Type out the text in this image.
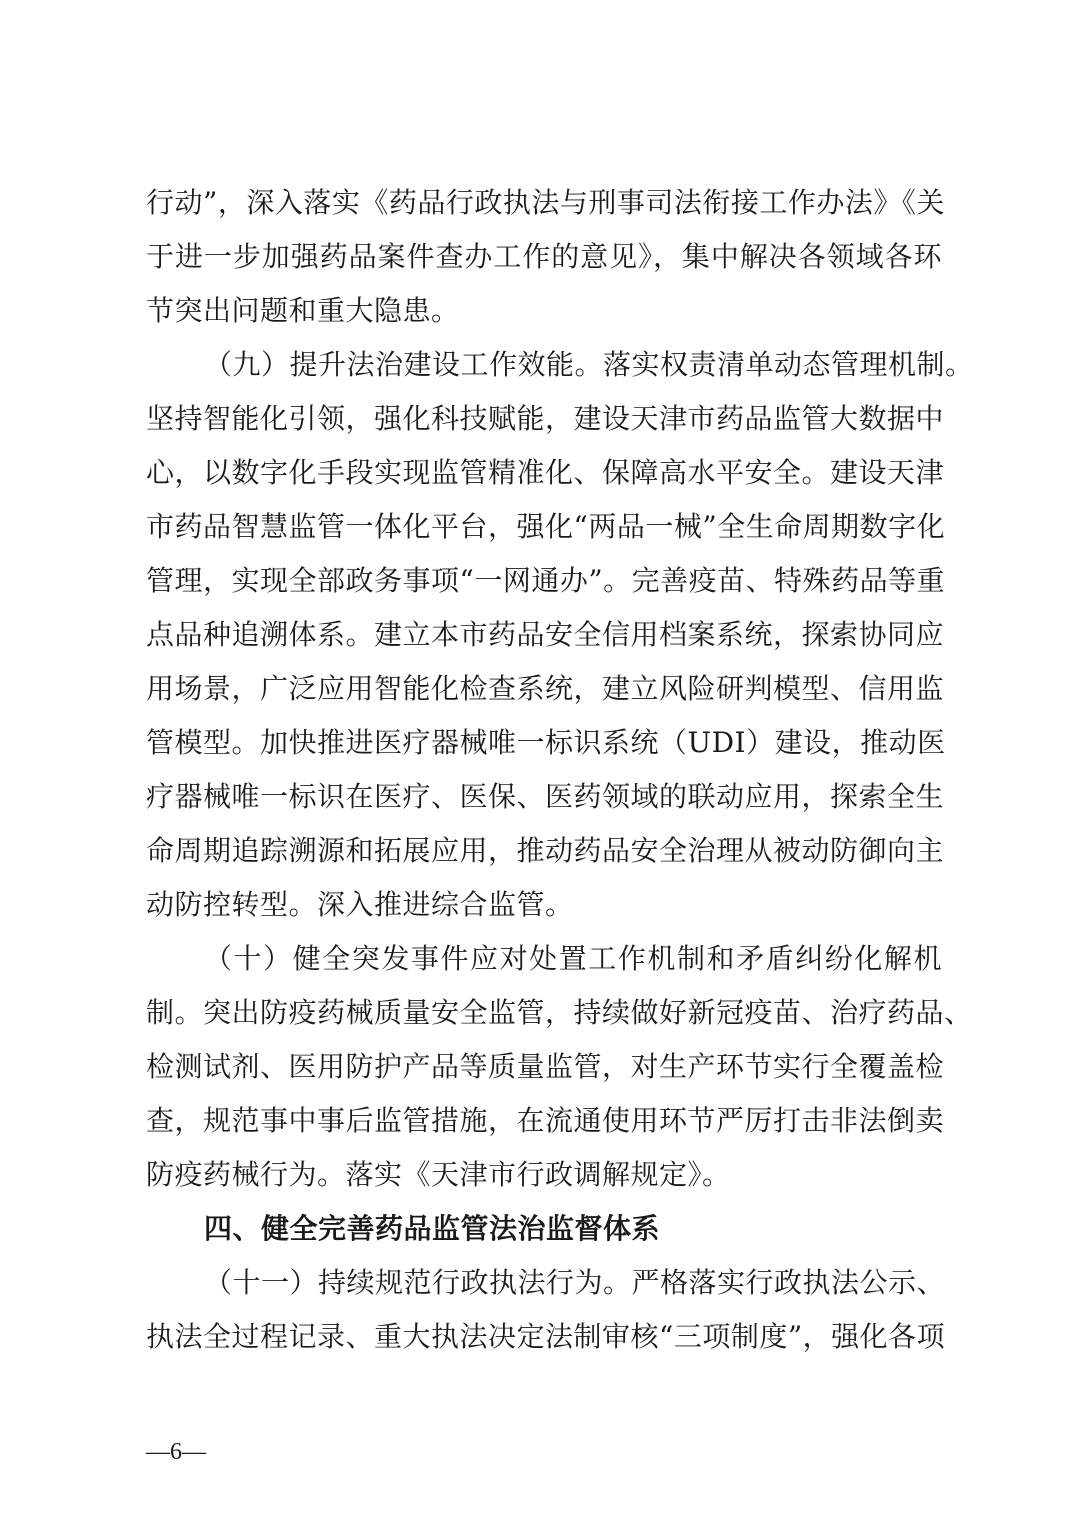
行动”，深入落实《药品行政执法与刑事司法衔接工作办法》《关
于进一步加强药品案件查办工作的意见》，集中解决各领域各环
节突出问题和重大隐患。
（九）提升法治建设工作效能。落实权责清单动态管理机制。
坚持智能化引领，强化科技赋能，建设天津市药品监管大数据中
心，以数字化手段实现监管精准化、保障高水平安全。建设天津
市药品智慧监管一体化平台，强化“两品一械”全生命周期数字化
管理，实现全部政务事项“一网通办”。完善疫苗、特殊药品等重
点品种追溯体系。建立本市药品安全信用档案系统，探索协同应
用场景，广泛应用智能化检查系统，建立风险研判模型、信用监
管模型。加快推进医疗器械唯一标识系统（UDI）建设，推动医
疗器械唯一标识在医疗、医保、医药领域的联动应用，探索全生
命周期追踪溯源和拓展应用，推动药品安全治理从被动防御向主
动防控转型。深入推进综合监管。
（十）健全突发事件应对处置工作机制和矛盾纠纷化解机
制。突出防疫药械质量安全监管，持续做好新冠疫苗、治疗药品、
检测试剂、医用防护产品等质量监管，对生产环节实行全覆盖检
查，规范事中事后监管措施，在流通使用环节严厉打击非法倒卖
防疫药械行为。落实《天津市行政调解规定》。
四、健全完善药品监管法治监督体系
（十一）持续规范行政执法行为。严格落实行政执法公示、
执法全过程记录、重大执法决定法制审核“三项制度”，强化各项
—6—
